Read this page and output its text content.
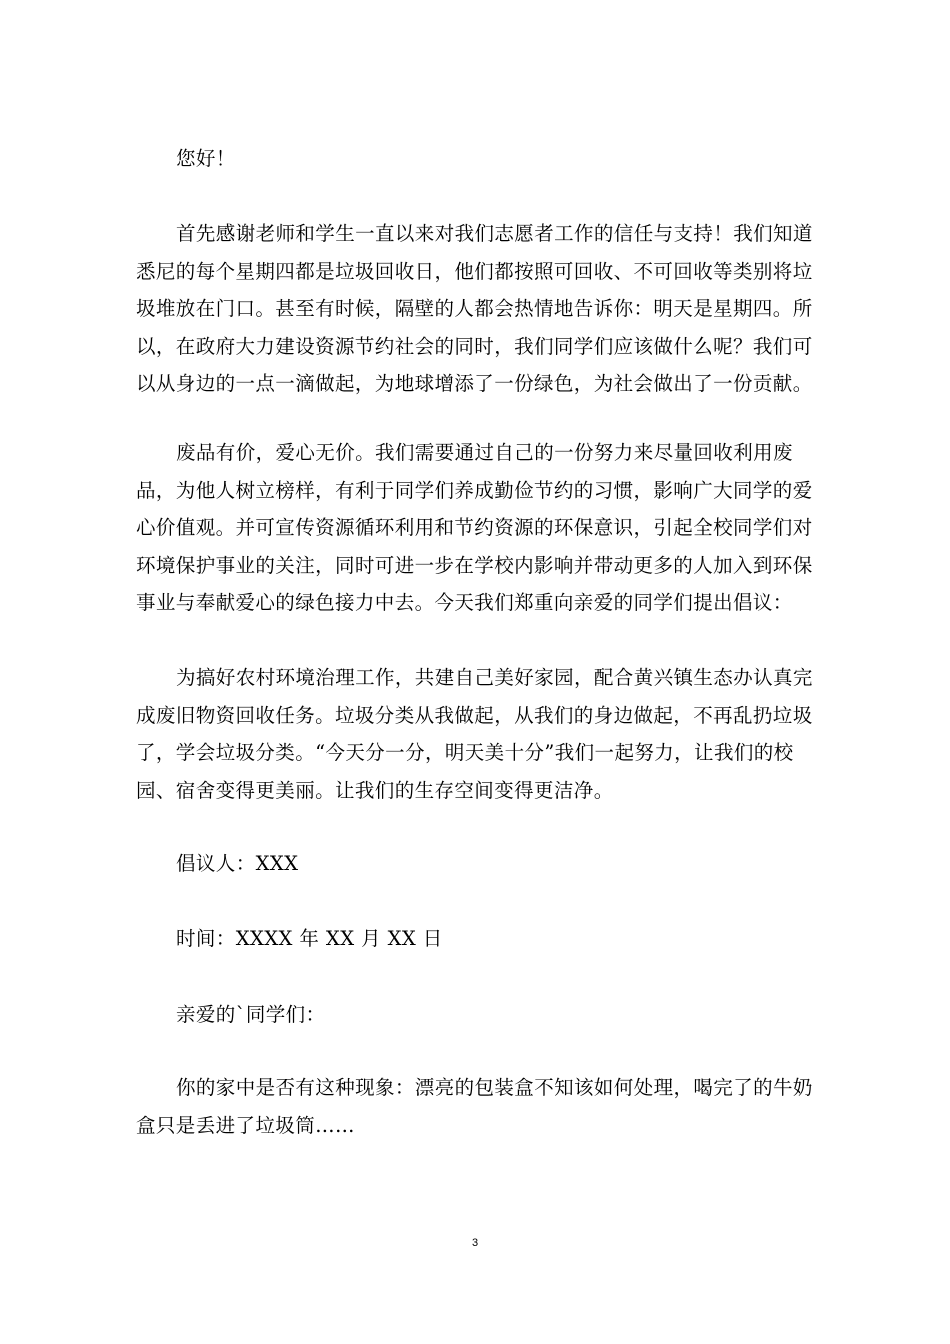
您好！

首先感谢老师和学生一直以来对我们志愿者工作的信任与支持！我们知道悉尼的每个星期四都是垃圾回收日，他们都按照可回收、不可回收等类别将垃圾堆放在门口。甚至有时候，隔壁的人都会热情地告诉你：明天是星期四。所以，在政府大力建设资源节约社会的同时，我们同学们应该做什么呢？我们可以从身边的一点一滴做起，为地球增添了一份绿色，为社会做出了一份贡献。

废品有价，爱心无价。我们需要通过自己的一份努力来尽量回收利用废品，为他人树立榜样，有利于同学们养成勤俭节约的习惯，影响广大同学的爱心价值观。并可宣传资源循环利用和节约资源的环保意识，引起全校同学们对环境保护事业的关注，同时可进一步在学校内影响并带动更多的人加入到环保事业与奉献爱心的绿色接力中去。今天我们郑重向亲爱的同学们提出倡议：

为搞好农村环境治理工作，共建自己美好家园，配合黄兴镇生态办认真完成废旧物资回收任务。垃圾分类从我做起，从我们的身边做起，不再乱扔垃圾了，学会垃圾分类。“今天分一分，明天美十分”我们一起努力，让我们的校园、宿舍变得更美丽。让我们的生存空间变得更洁净。

倡议人：XXX

时间：XXXX 年 XX 月 XX 日

亲爱的`同学们：

你的家中是否有这种现象：漂亮的包装盒不知该如何处理，喝完了的牛奶盒只是丢进了垃圾筒……

3
